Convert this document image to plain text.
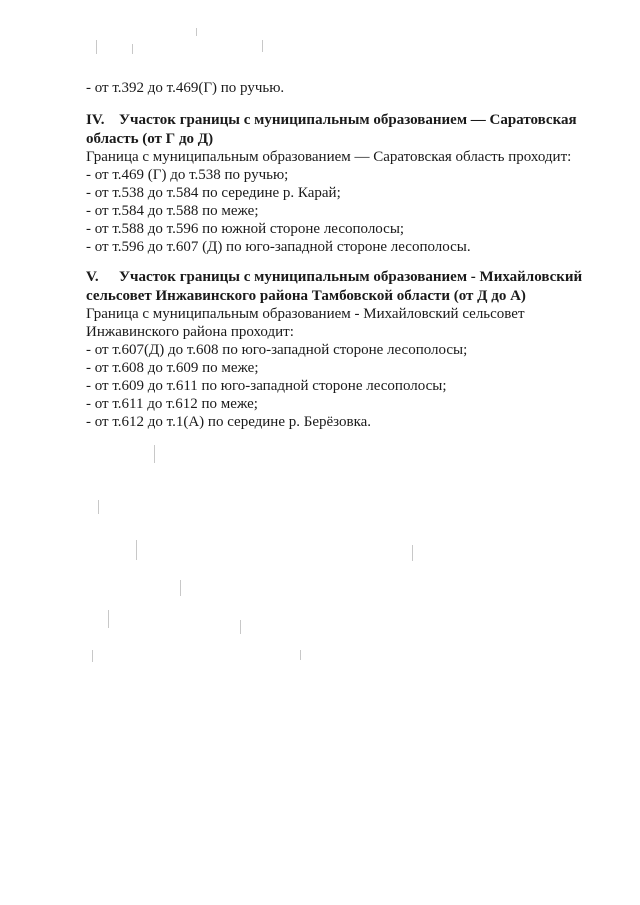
- от т.392 до т.469(Г) по ручью.
IV. Участок границы с муниципальным образованием — Саратовская
область (от Г до Д)
Граница с муниципальным образованием — Саратовская область проходит:
- от т.469 (Г) до т.538 по ручью;
- от т.538 до т.584 по середине р. Карай;
- от т.584 до т.588 по меже;
- от т.588 до т.596 по южной стороне лесополосы;
- от т.596 до т.607 (Д) по юго-западной стороне лесополосы.
V. Участок границы с муниципальным образованием - Михайловский
сельсовет Инжавинского района Тамбовской области (от Д до А)
Граница с муниципальным образованием - Михайловский сельсовет
Инжавинского района проходит:
- от т.607(Д) до т.608 по юго-западной стороне лесополосы;
- от т.608 до т.609 по меже;
- от т.609 до т.611 по юго-западной стороне лесополосы;
- от т.611 до т.612 по меже;
- от т.612 до т.1(А) по середине р. Берёзовка.
